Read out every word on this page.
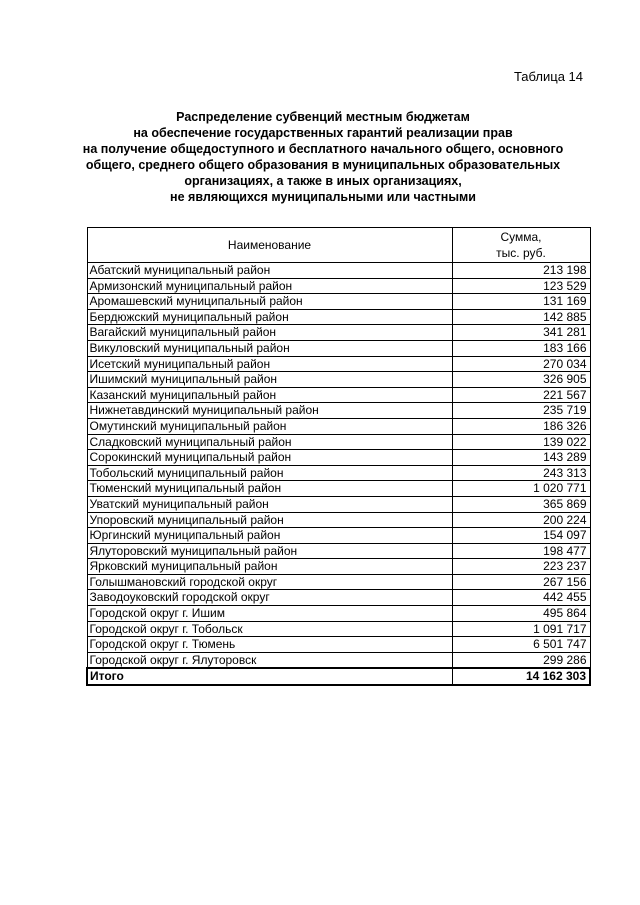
Таблица 14
Распределение субвенций местным бюджетам
на обеспечение государственных гарантий реализации прав
на получение общедоступного и бесплатного начального общего, основного
общего, среднего общего образования в муниципальных образовательных
организациях, а также в иных организациях,
не являющихся муниципальными или частными
Наименование	Сумма,
тыс. руб.
Абатский муниципальный район	213 198
Армизонский муниципальный район	123 529
Аромашевский муниципальный район	131 169
Бердюжский муниципальный район	142 885
Вагайский муниципальный район	341 281
Викуловский муниципальный район	183 166
Исетский муниципальный район	270 034
Ишимский муниципальный район	326 905
Казанский муниципальный район	221 567
Нижнетавдинский муниципальный район	235 719
Омутинский муниципальный район	186 326
Сладковский муниципальный район	139 022
Сорокинский муниципальный район	143 289
Тобольский муниципальный район	243 313
Тюменский муниципальный район	1 020 771
Уватский муниципальный район	365 869
Упоровский муниципальный район	200 224
Юргинский муниципальный район	154 097
Ялуторовский муниципальный район	198 477
Ярковский муниципальный район	223 237
Голышмановский городской округ	267 156
Заводоуковский городской округ	442 455
Городской округ г. Ишим	495 864
Городской округ г. Тобольск	1 091 717
Городской округ г. Тюмень	6 501 747
Городской округ г. Ялуторовск	299 286
Итого	14 162 303
